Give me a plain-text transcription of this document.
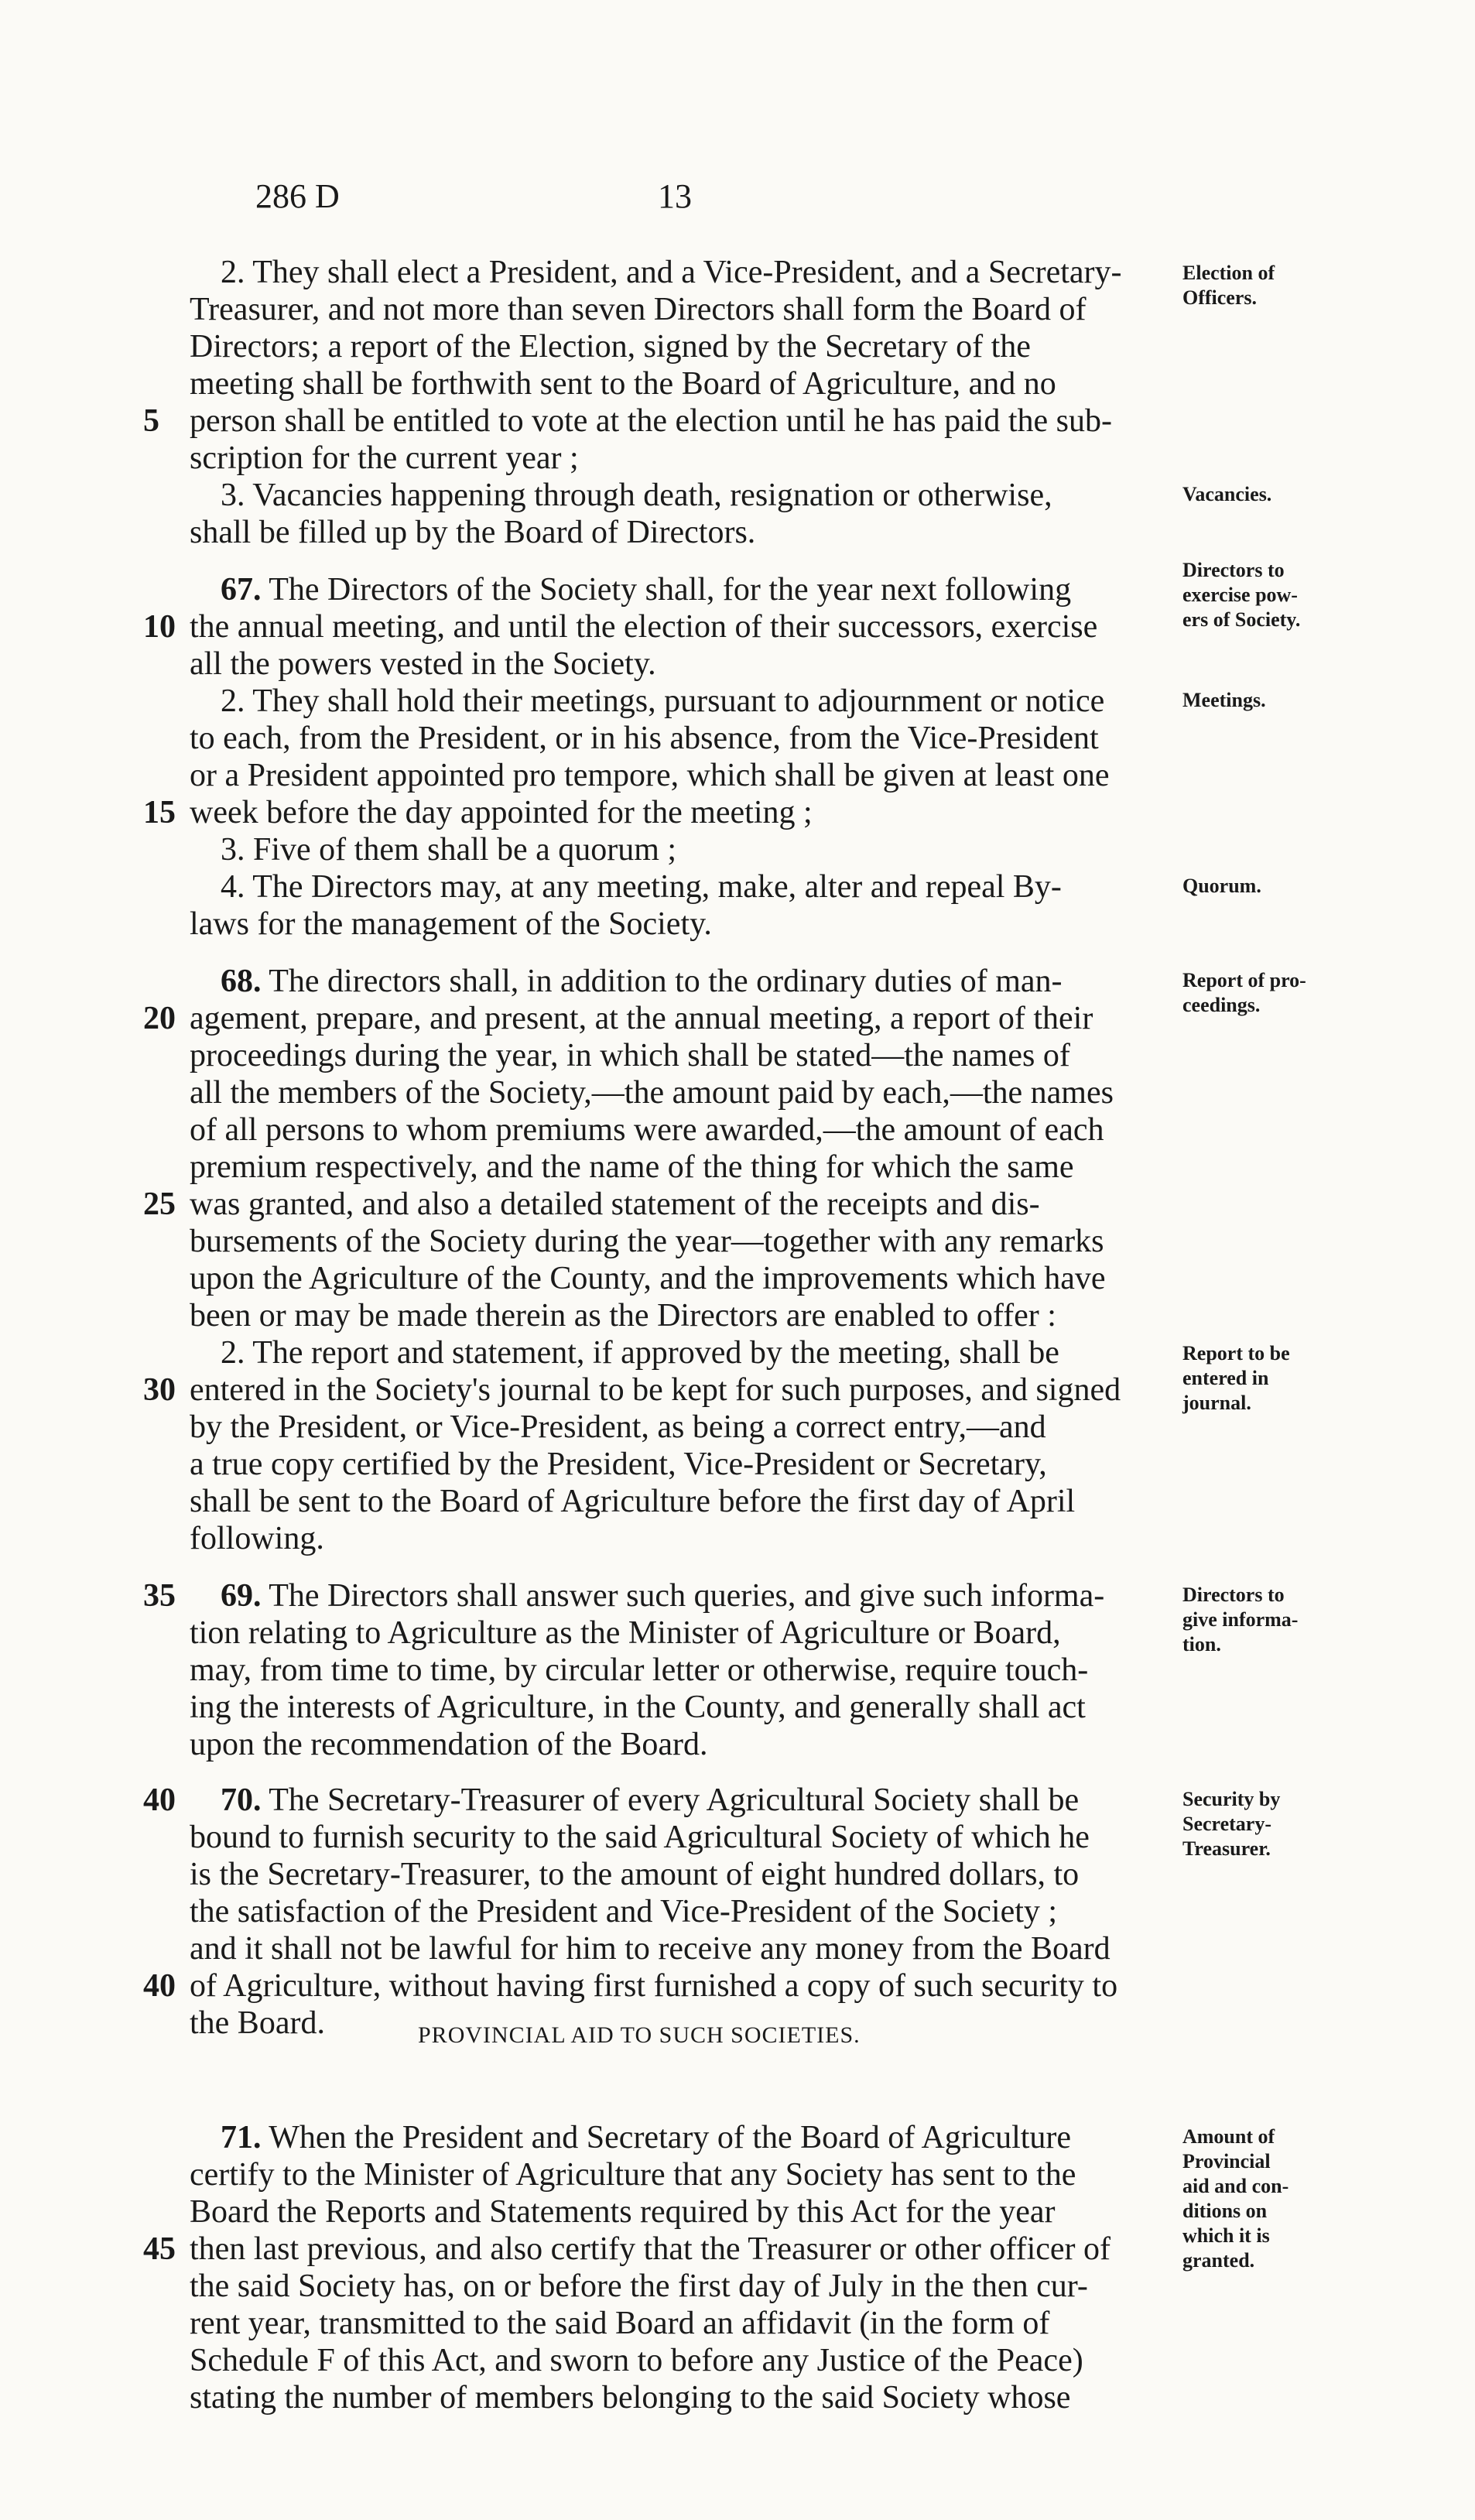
286 D	13
2. They shall elect a President, and a Vice-President, and a Secretary-
Treasurer, and not more than seven Directors shall form the Board of
Directors; a report of the Election, signed by the Secretary of the
meeting shall be forthwith sent to the Board of Agriculture, and no
person shall be entitled to vote at the election until he has paid the sub-
scription for the current year ;
3. Vacancies happening through death, resignation or otherwise,
shall be filled up by the Board of Directors.
67. The Directors of the Society shall, for the year next following
the annual meeting, and until the election of their successors, exercise
all the powers vested in the Society.
2. They shall hold their meetings, pursuant to adjournment or notice
to each, from the President, or in his absence, from the Vice-President
or a President appointed pro tempore, which shall be given at least one
week before the day appointed for the meeting ;
3. Five of them shall be a quorum ;
4. The Directors may, at any meeting, make, alter and repeal By-
laws for the management of the Society.
68. The directors shall, in addition to the ordinary duties of man-
agement, prepare, and present, at the annual meeting, a report of their
proceedings during the year, in which shall be stated—the names of
all the members of the Society,—the amount paid by each,—the names
of all persons to whom premiums were awarded,—the amount of each
premium respectively, and the name of the thing for which the same
was granted, and also a detailed statement of the receipts and dis-
bursements of the Society during the year—together with any remarks
upon the Agriculture of the County, and the improvements which have
been or may be made therein as the Directors are enabled to offer :
2. The report and statement, if approved by the meeting, shall be
entered in the Society's journal to be kept for such purposes, and signed
by the President, or Vice-President, as being a correct entry,—and
a true copy certified by the President, Vice-President or Secretary,
shall be sent to the Board of Agriculture before the first day of April
following.
69. The Directors shall answer such queries, and give such informa-
tion relating to Agriculture as the Minister of Agriculture or Board,
may, from time to time, by circular letter or otherwise, require touch-
ing the interests of Agriculture, in the County, and generally shall act
upon the recommendation of the Board.
70. The Secretary-Treasurer of every Agricultural Society shall be
bound to furnish security to the said Agricultural Society of which he
is the Secretary-Treasurer, to the amount of eight hundred dollars, to
the satisfaction of the President and Vice-President of the Society ;
and it shall not be lawful for him to receive any money from the Board
of Agriculture, without having first furnished a copy of such security to
the Board.
71. When the President and Secretary of the Board of Agriculture
certify to the Minister of Agriculture that any Society has sent to the
Board the Reports and Statements required by this Act for the year
then last previous, and also certify that the Treasurer or other officer of
the said Society has, on or before the first day of July in the then cur-
rent year, transmitted to the said Board an affidavit (in the form of
Schedule F of this Act, and sworn to before any Justice of the Peace)
stating the number of members belonging to the said Society whose
PROVINCIAL AID TO SUCH SOCIETIES.
5
10
15
20
25
30
35
40
40
45
Election of
Officers.
Vacancies.
Directors to
exercise pow-
ers of Society.
Meetings.
Quorum.
Report of pro-
ceedings.
Report to be
entered in
journal.
Directors to
give informa-
tion.
Security by
Secretary-
Treasurer.
Amount of
Provincial
aid and con-
ditions on
which it is
granted.
